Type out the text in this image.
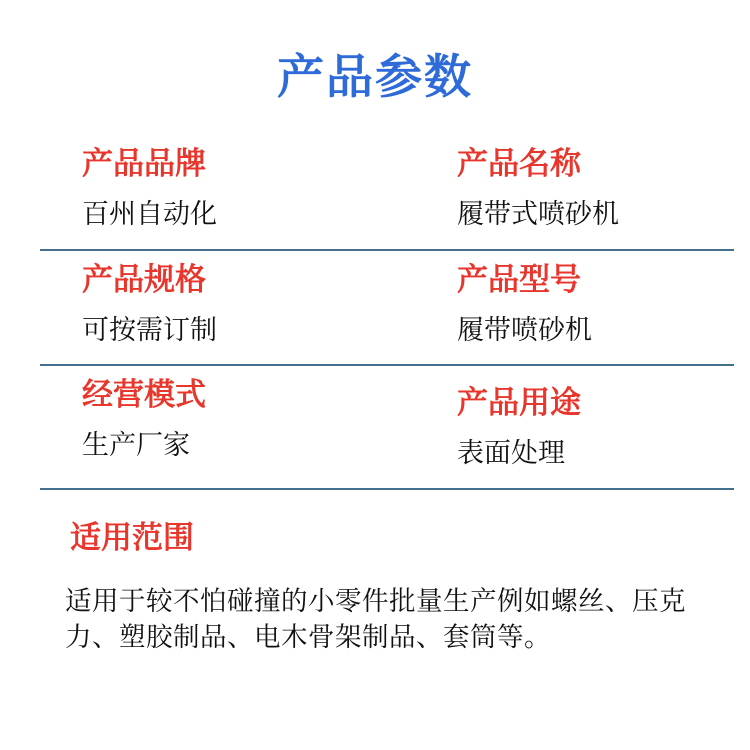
产品参数
产品品牌
百州自动化
产品名称
履带式喷砂机
产品规格
可按需订制
产品型号
履带喷砂机
经营模式
生产厂家
产品用途
表面处理
适用范围
适用于较不怕碰撞的小零件批量生产例如螺丝、压克力、塑胶制品、电木骨架制品、套筒等。
